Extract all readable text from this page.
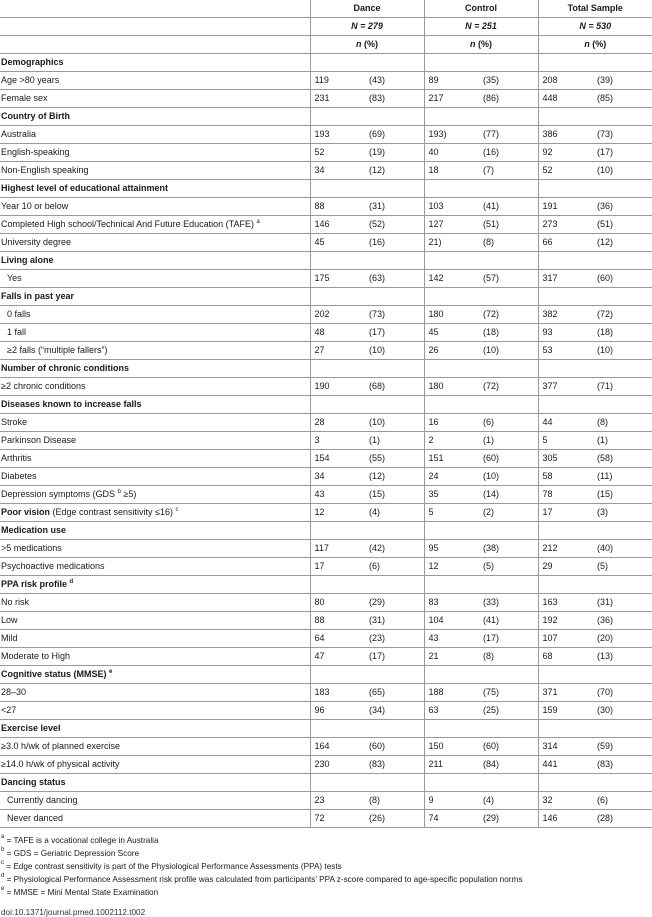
	Dance		Control		Total Sample	
	N = 279		N = 251		N = 530	
	n (%)		n (%)		n (%)	
Demographics						
Age >80 years	119	(43)	89	(35)	208	(39)
Female sex	231	(83)	217	(86)	448	(85)
Country of Birth						
Australia	193	(69)	193)	(77)	386	(73)
English-speaking	52	(19)	40	(16)	92	(17)
Non-English speaking	34	(12)	18	(7)	52	(10)
Highest level of educational attainment						
Year 10 or below	88	(31)	103	(41)	191	(36)
Completed High school/Technical And Future Education (TAFE) $^a$	146	(52)	127	(51)	273	(51)
University degree	45	(16)	21)	(8)	66	(12)
Living alone						
Yes	175	(63)	142	(57)	317	(60)
Falls in past year						
0 falls	202	(73)	180	(72)	382	(72)
1 fall	48	(17)	45	(18)	93	(18)
≥2 falls (“multiple fallers”)	27	(10)	26	(10)	53	(10)
Number of chronic conditions						
≥2 chronic conditions	190	(68)	180	(72)	377	(71)
Diseases known to increase falls						
Stroke	28	(10)	16	(6)	44	(8)
Parkinson Disease	3	(1)	2	(1)	5	(1)
Arthritis	154	(55)	151	(60)	305	(58)
Diabetes	34	(12)	24	(10)	58	(11)
Depression symptoms (GDS $^b$ ≥5)	43	(15)	35	(14)	78	(15)
Poor vision (Edge contrast sensitivity ≤16) $^c$	12	(4)	5	(2)	17	(3)
Medication use						
>5 medications	117	(42)	95	(38)	212	(40)
Psychoactive medications	17	(6)	12	(5)	29	(5)
PPA risk profile $^d$						
No risk	80	(29)	83	(33)	163	(31)
Low	88	(31)	104	(41)	192	(36)
Mild	64	(23)	43	(17)	107	(20)
Moderate to High	47	(17)	21	(8)	68	(13)
Cognitive status (MMSE) $^e$						
28–30	183	(65)	188	(75)	371	(70)
<27	96	(34)	63	(25)	159	(30)
Exercise level						
≥3.0 h/wk of planned exercise	164	(60)	150	(60)	314	(59)
≥14.0 h/wk of physical activity	230	(83)	211	(84)	441	(83)
Dancing status						
Currently dancing	23	(8)	9	(4)	32	(6)
Never danced	72	(26)	74	(29)	146	(28)
$^a$ = TAFE is a vocational college in Australia
$^b$ = GDS = Geriatric Depression Score
$^c$ = Edge contrast sensitivity is part of the Physiological Performance Assessments (PPA) tests
$^d$ = Physiological Performance Assessment risk profile was calculated from participants’ PPA z-score compared to age-specific population norms
$^e$ = MMSE = Mini Mental State Examination
doi:10.1371/journal.pmed.1002112.t002
